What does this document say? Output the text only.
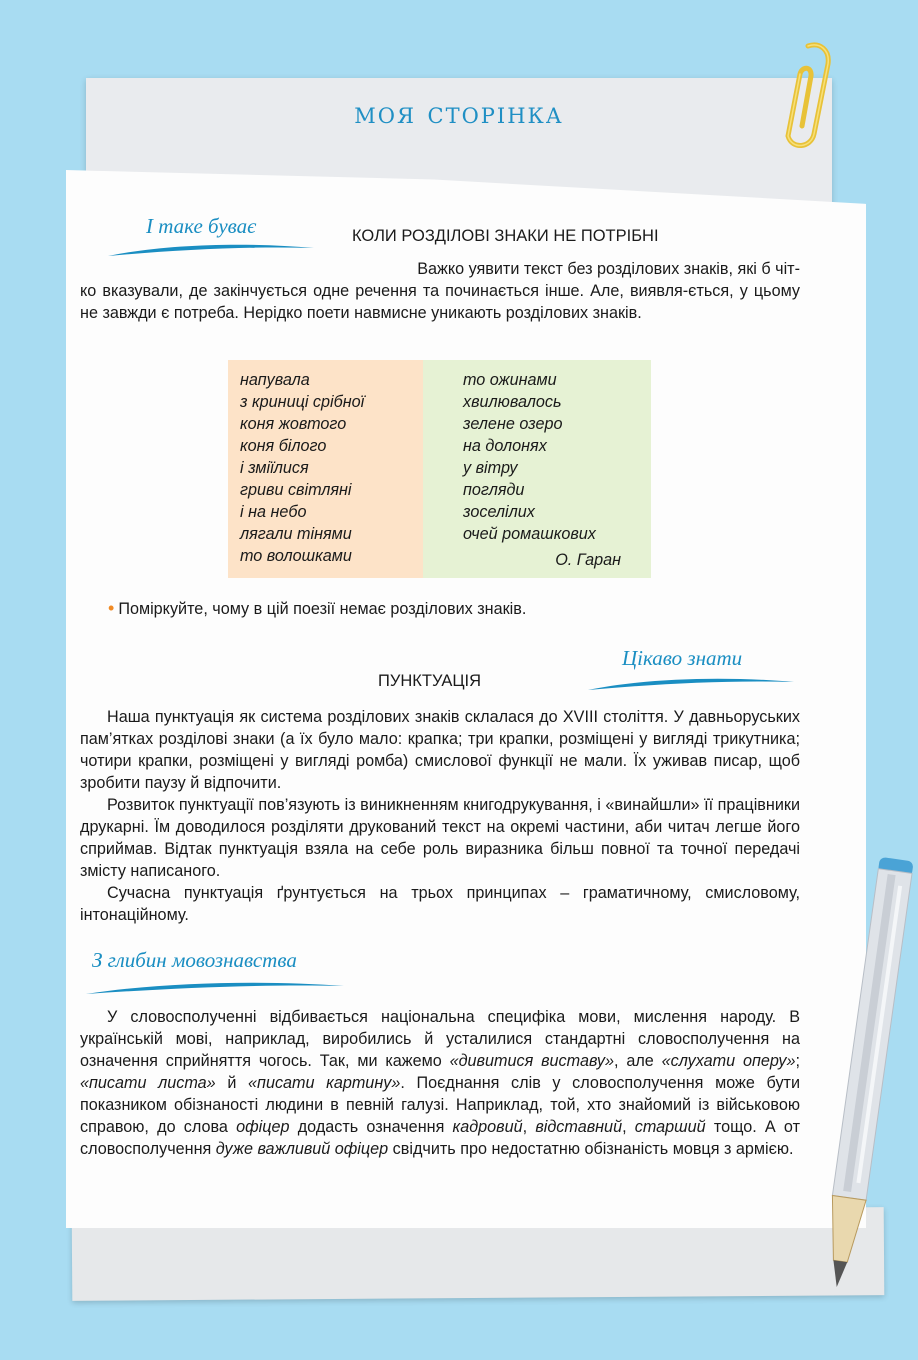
моя сторінка
І таке буває	КОЛИ РОЗДІЛОВІ ЗНАКИ НЕ ПОТРІБНІ

Важко уявити текст без розділових знаків, які б чіт-

ко вказували, де закінчується одне речення та починається інше. Але, виявля-ється, у цьому не завжди є потреба. Нерідко поети навмисне уникають розділових знаків.

напувала
з криниці срібної
коня жовтого
коня білого
і зміїлися
гриви світляні
і на небо
лягали тінями
то волошками
то ожинами
хвилювалось
зелене озеро
на долонях
у вітру
погляди
зоселілих
очей ромашкових
О. Гаран
• Поміркуйте, чому в цій поезії немає розділових знаків.
Цікаво знати
ПУНКТУАЦІЯ

Наша пунктуація як система розділових знаків склалася до XVIII століття. У давньоруських пам’ятках розділові знаки (а їх було мало: крапка; три крапки, розміщені у вигляді трикутника; чотири крапки, розміщені у вигляді ромба) смислової функції не мали. Їх уживав писар, щоб зробити паузу й відпочити.

Розвиток пунктуації пов’язують із виникненням книгодрукування, і «винайшли» її працівники друкарні. Їм доводилося розділяти друкований текст на окремі частини, аби читач легше його сприймав. Відтак пунктуація взяла на себе роль виразника більш повної та точної передачі змісту написаного.

Сучасна пунктуація ґрунтується на трьох принципах – граматичному, смисловому, інтонаційному.

З глибин мовознавства

У словосполученні відбивається національна специфіка мови, мислення народу. В українській мові, наприклад, виробились й усталилися стандартні словосполучення на означення сприйняття чогось. Так, ми кажемо «дивитися виставу», але «слухати оперу»; «писати листа» й «писати картину». Поєднання слів у словосполучення може бути показником обізнаності людини в певній галузі. Наприклад, той, хто знайомий із військовою справою, до слова офіцер додасть означення кадровий, відставний, старший тощо. А от словосполучення дуже важливий офіцер свідчить про недостатню обізнаність мовця з армією.
